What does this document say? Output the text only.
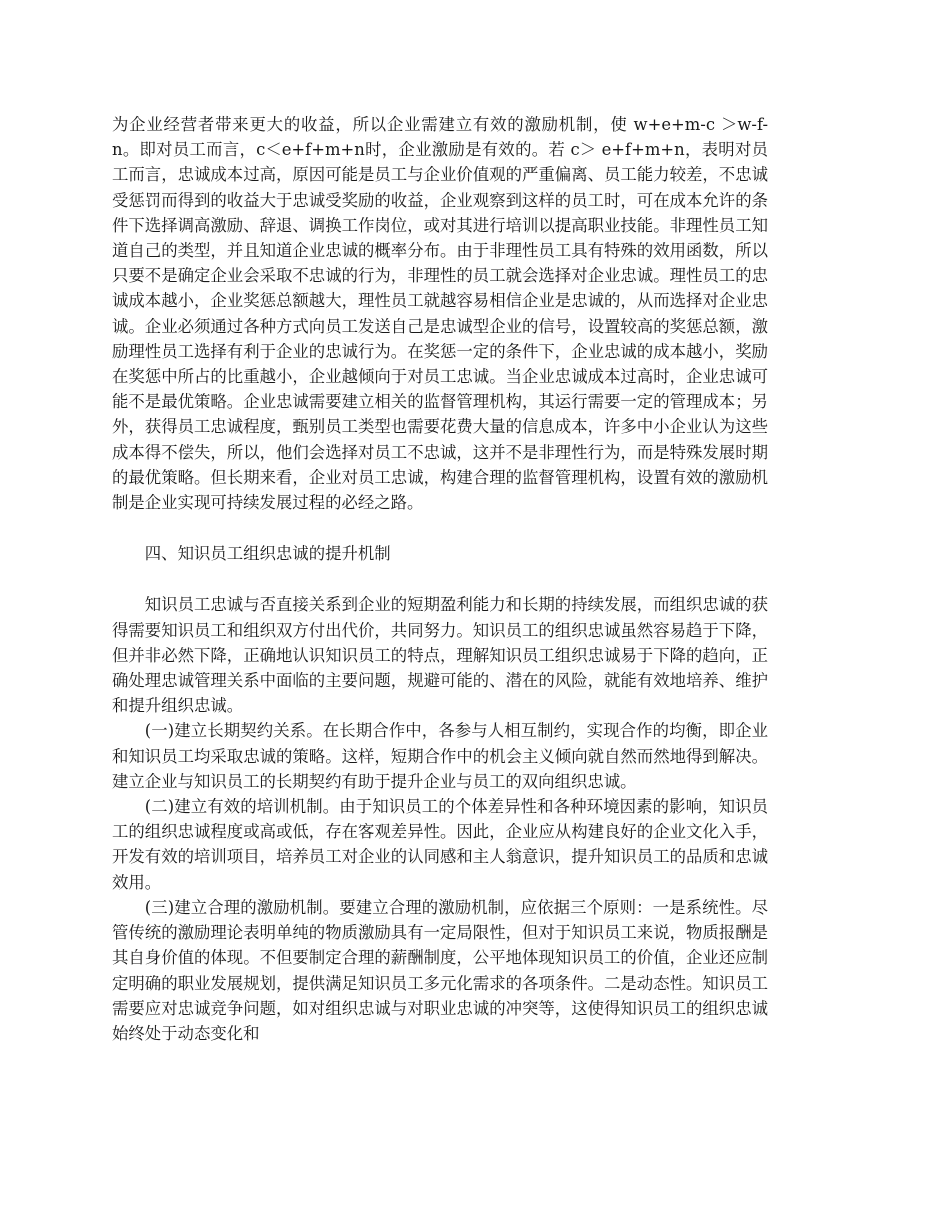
为企业经营者带来更大的收益，所以企业需建立有效的激励机制，使 w+e+m-c ＞w-f-n。即对员工而言，c＜e+f+m+n时，企业激励是有效的。若 c＞ e+f+m+n，表明对员工而言，忠诚成本过高，原因可能是员工与企业价值观的严重偏离、员工能力较差，不忠诚受惩罚而得到的收益大于忠诚受奖励的收益，企业观察到这样的员工时，可在成本允许的条件下选择调高激励、辞退、调换工作岗位，或对其进行培训以提高职业技能。非理性员工知道自己的类型，并且知道企业忠诚的概率分布。由于非理性员工具有特殊的效用函数，所以只要不是确定企业会采取不忠诚的行为，非理性的员工就会选择对企业忠诚。理性员工的忠诚成本越小，企业奖惩总额越大，理性员工就越容易相信企业是忠诚的，从而选择对企业忠诚。企业必须通过各种方式向员工发送自己是忠诚型企业的信号，设置较高的奖惩总额，激励理性员工选择有利于企业的忠诚行为。在奖惩一定的条件下，企业忠诚的成本越小，奖励在奖惩中所占的比重越小，企业越倾向于对员工忠诚。当企业忠诚成本过高时，企业忠诚可能不是最优策略。企业忠诚需要建立相关的监督管理机构，其运行需要一定的管理成本；另外，获得员工忠诚程度，甄别员工类型也需要花费大量的信息成本，许多中小企业认为这些成本得不偿失，所以，他们会选择对员工不忠诚，这并不是非理性行为，而是特殊发展时期的最优策略。但长期来看，企业对员工忠诚，构建合理的监督管理机构，设置有效的激励机制是企业实现可持续发展过程的必经之路。

四、知识员工组织忠诚的提升机制

知识员工忠诚与否直接关系到企业的短期盈利能力和长期的持续发展，而组织忠诚的获得需要知识员工和组织双方付出代价，共同努力。知识员工的组织忠诚虽然容易趋于下降，但并非必然下降，正确地认识知识员工的特点，理解知识员工组织忠诚易于下降的趋向，正确处理忠诚管理关系中面临的主要问题，规避可能的、潜在的风险，就能有效地培养、维护和提升组织忠诚。

(一)建立长期契约关系。在长期合作中，各参与人相互制约，实现合作的均衡，即企业和知识员工均采取忠诚的策略。这样，短期合作中的机会主义倾向就自然而然地得到解决。建立企业与知识员工的长期契约有助于提升企业与员工的双向组织忠诚。

(二)建立有效的培训机制。由于知识员工的个体差异性和各种环境因素的影响，知识员工的组织忠诚程度或高或低，存在客观差异性。因此，企业应从构建良好的企业文化入手，开发有效的培训项目，培养员工对企业的认同感和主人翁意识，提升知识员工的品质和忠诚效用。

(三)建立合理的激励机制。要建立合理的激励机制，应依据三个原则：一是系统性。尽管传统的激励理论表明单纯的物质激励具有一定局限性，但对于知识员工来说，物质报酬是其自身价值的体现。不但要制定合理的薪酬制度，公平地体现知识员工的价值，企业还应制定明确的职业发展规划，提供满足知识员工多元化需求的各项条件。二是动态性。知识员工需要应对忠诚竞争问题，如对组织忠诚与对职业忠诚的冲突等，这使得知识员工的组织忠诚始终处于动态变化和
